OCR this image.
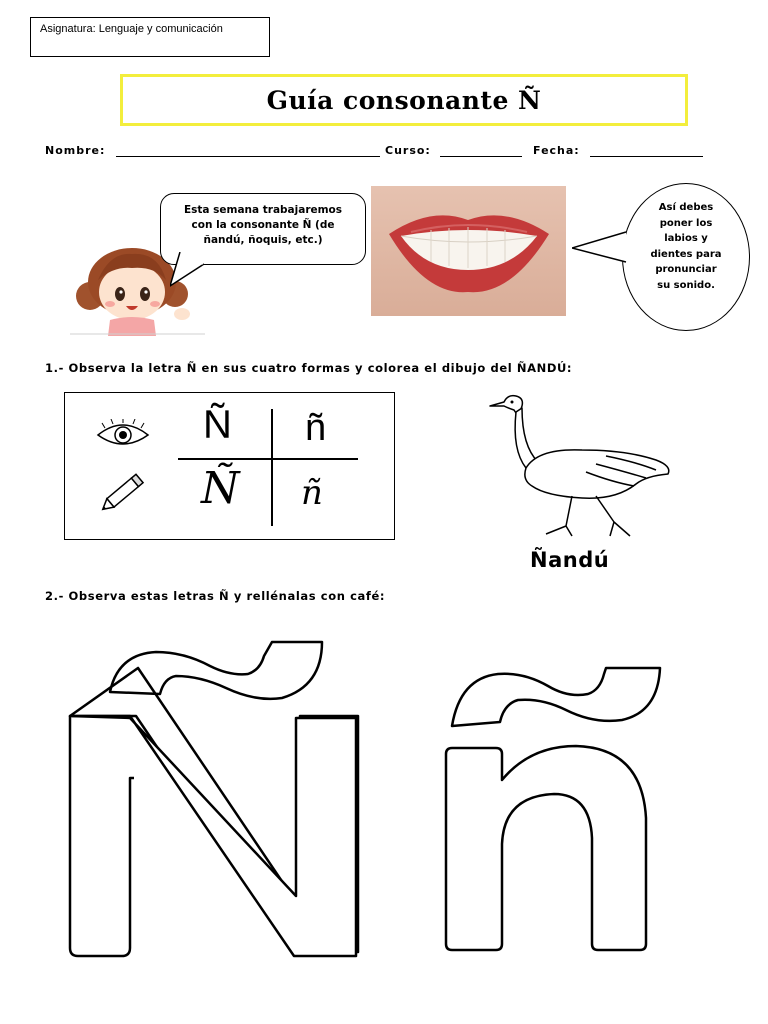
Asignatura: Lenguaje y comunicación
Guía consonante Ñ
Nombre:	Curso:	Fecha:
Esta semana trabajaremos
con la consonante Ñ (de
ñandú, ñoquis, etc.)
Así debes
poner los
labios y
dientes para
pronunciar
su sonido.
1.- Observa la letra Ñ en sus cuatro formas y colorea el dibujo del ÑANDÚ:
Ñ ñ
Ñ ñ
Ñandú
2.- Observa estas letras Ñ y rellénalas con café:
